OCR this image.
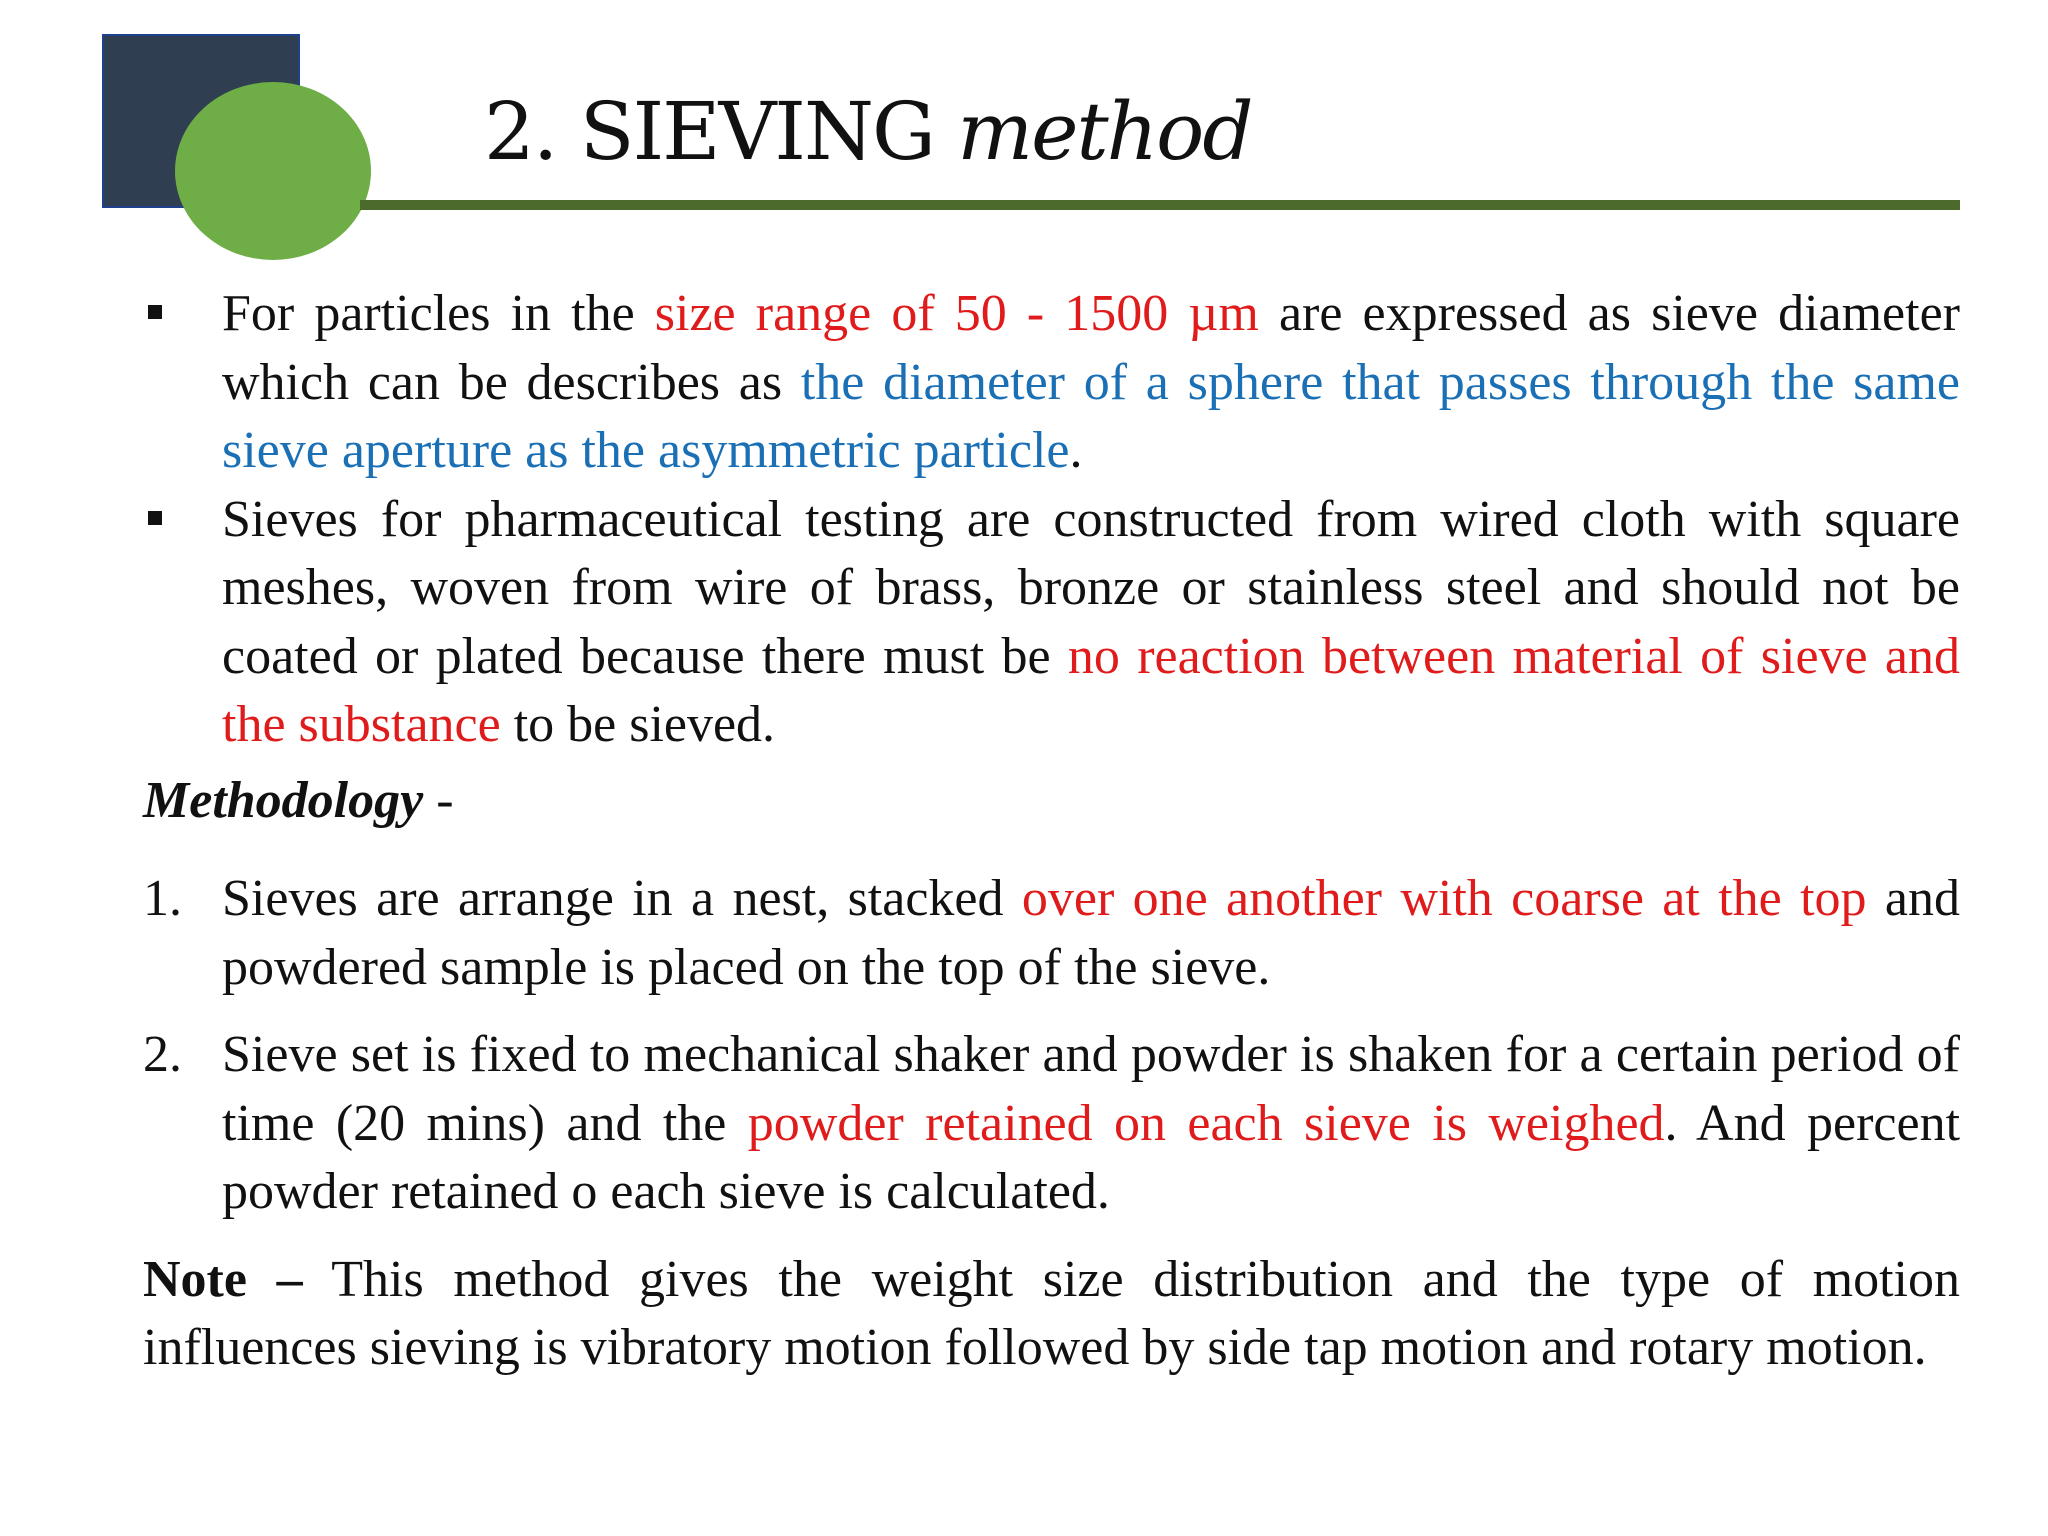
2. SIEVING method
For particles in the size range of 50 - 1500 µm are expressed as sieve diameter which can be describes as the diameter of a sphere that passes through the same sieve aperture as the asymmetric particle.
Sieves for pharmaceutical testing are constructed from wired cloth with square meshes, woven from wire of brass, bronze or stainless steel and should not be coated or plated because there must be no reaction between material of sieve and the substance to be sieved.
Methodology -
1. Sieves are arrange in a nest, stacked over one another with coarse at the top and powdered sample is placed on the top of the sieve.
2. Sieve set is fixed to mechanical shaker and powder is shaken for a certain period of time (20 mins) and the powder retained on each sieve is weighed. And percent powder retained o each sieve is calculated.
Note – This method gives the weight size distribution and the type of motion influences sieving is vibratory motion followed by side tap motion and rotary motion.
